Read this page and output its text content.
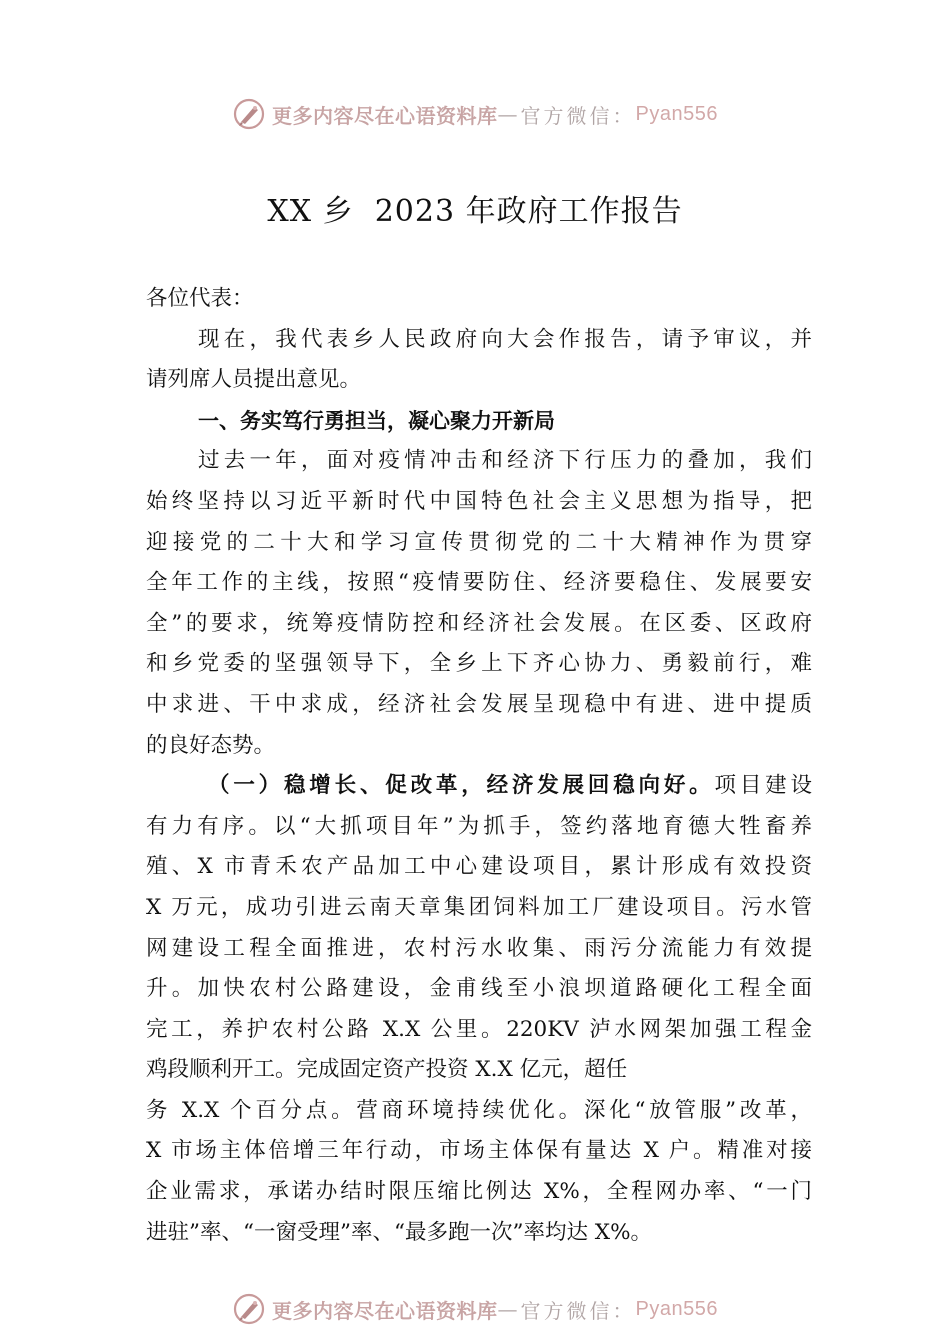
更多内容尽在心语资料库 — 官方微信： Pyan556
XX 乡  2023 年政府工作报告
各位代表：
现在，我代表乡人民政府向大会作报告，请予审议，并
请列席人员提出意见。
一、务实笃行勇担当，凝心聚力开新局
过去一年，面对疫情冲击和经济下行压力的叠加，我们
始终坚持以习近平新时代中国特色社会主义思想为指导，把
迎接党的二十大和学习宣传贯彻党的二十大精神作为贯穿
全年工作的主线，按照“疫情要防住、经济要稳住、发展要安
全”的要求，统筹疫情防控和经济社会发展。在区委、区政府
和乡党委的坚强领导下，全乡上下齐心协力、勇毅前行，难
中求进、干中求成，经济社会发展呈现稳中有进、进中提质
的良好态势。
（一）稳增长、促改革，经济发展回稳向好。项目建设
有力有序。以“大抓项目年”为抓手，签约落地育德大牲畜养
殖、X 市青禾农产品加工中心建设项目，累计形成有效投资
X 万元，成功引进云南天章集团饲料加工厂建设项目。污水管
网建设工程全面推进，农村污水收集、雨污分流能力有效提
升。加快农村公路建设，金甫线至小浪坝道路硬化工程全面
完工，养护农村公路 X.X 公里。220KV 泸水网架加强工程金
鸡段顺利开工。完成固定资产投资 X.X 亿元，超任
务 X.X 个百分点。营商环境持续优化。深化“放管服”改革，
X 市场主体倍增三年行动，市场主体保有量达 X 户。精准对接
企业需求，承诺办结时限压缩比例达 X%，全程网办率、“一门
进驻”率、“一窗受理”率、“最多跑一次”率均达 X%。
更多内容尽在心语资料库 — 官方微信： Pyan556
